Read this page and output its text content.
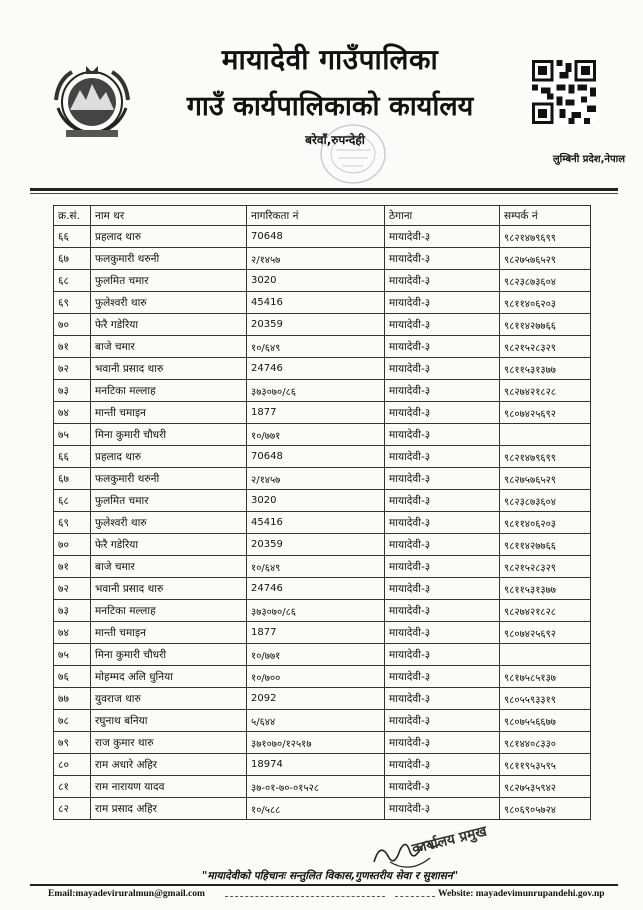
मायादेवी गाउँपालिका
गाउँ कार्यपालिकाको कार्यालय
बरेवाँ,रुपन्देही
लुम्बिनी प्रदेश,नेपाल
क्र.सं.	नाम थर	नागरिकता नं	ठेगाना	सम्पर्क नं
६६	प्रहलाद थारु	70648	मायादेवी-३	९८२१४७९६९९
६७	फलकुमारी थरुनी	२/१४५७	मायादेवी-३	९८२७५७६५२९
६८	फुलमित चमार	3020	मायादेवी-३	९८२३८७३६०४
६९	फुलेश्वरी थारु	45416	मायादेवी-३	९८११४०६२०३
७०	फेरै गडेरिया	20359	मायादेवी-३	९८११४२७७६६
७१	बाजे चमार	१०/६४९	मायादेवी-३	९८२१५२८३२९
७२	भवानी प्रसाद थारु	24746	मायादेवी-३	९८११५३१३७७
७३	मनटिका मल्लाह	३७३०७०/८६	मायादेवी-३	९८२७४२१८२८
७४	मान्ती चमाइन	1877	मायादेवी-३	९८०७४२५६९२
७५	मिना कुमारी चौधरी	१०/७७१	मायादेवी-३	
६६	प्रहलाद थारु	70648	मायादेवी-३	९८२१४७९६९९
६७	फलकुमारी थरुनी	२/१४५७	मायादेवी-३	९८२७५७६५२९
६८	फुलमित चमार	3020	मायादेवी-३	९८२३८७३६०४
६९	फुलेश्वरी थारु	45416	मायादेवी-३	९८११४०६२०३
७०	फेरै गडेरिया	20359	मायादेवी-३	९८११४२७७६६
७१	बाजे चमार	१०/६४९	मायादेवी-३	९८२१५२८३२९
७२	भवानी प्रसाद थारु	24746	मायादेवी-३	९८११५३१३७७
७३	मनटिका मल्लाह	३७३०७०/८६	मायादेवी-३	९८२७४२१८२८
७४	मान्ती चमाइन	1877	मायादेवी-३	९८०७४२५६९२
७५	मिना कुमारी चौधरी	१०/७७१	मायादेवी-३	
७६	मोहम्मद अलि धुनिया	१०/७००	मायादेवी-३	९८१७५८५१३७
७७	युवराज थारु	2092	मायादेवी-३	९८०५५९३३१९
७८	रघुनाथ बनिया	५/६४४	मायादेवी-३	९८०७५५६६७७
७९	राज कुमार थारु	३७१०७०/१२५१७	मायादेवी-३	९८१४४०८३३०
८०	राम अधारे अहिर	18974	मायादेवी-३	९८११९५३५९५
८१	राम नारायण यादव	३७-०१-७०-०१५२८	मायादेवी-३	९८२७५३५९४२
८२	राम प्रसाद अहिर	१०/५८८	मायादेवी-३	९८०६९०५७२४
कार्यालय प्रमुख
"मायादेवीको पहिचानः सन्तुलित विकास,गुणस्तरीय सेवा र सुशासन"
Email:mayadeviruralmun@gmail.com	Website: mayadevimunrupandehi.gov.np
